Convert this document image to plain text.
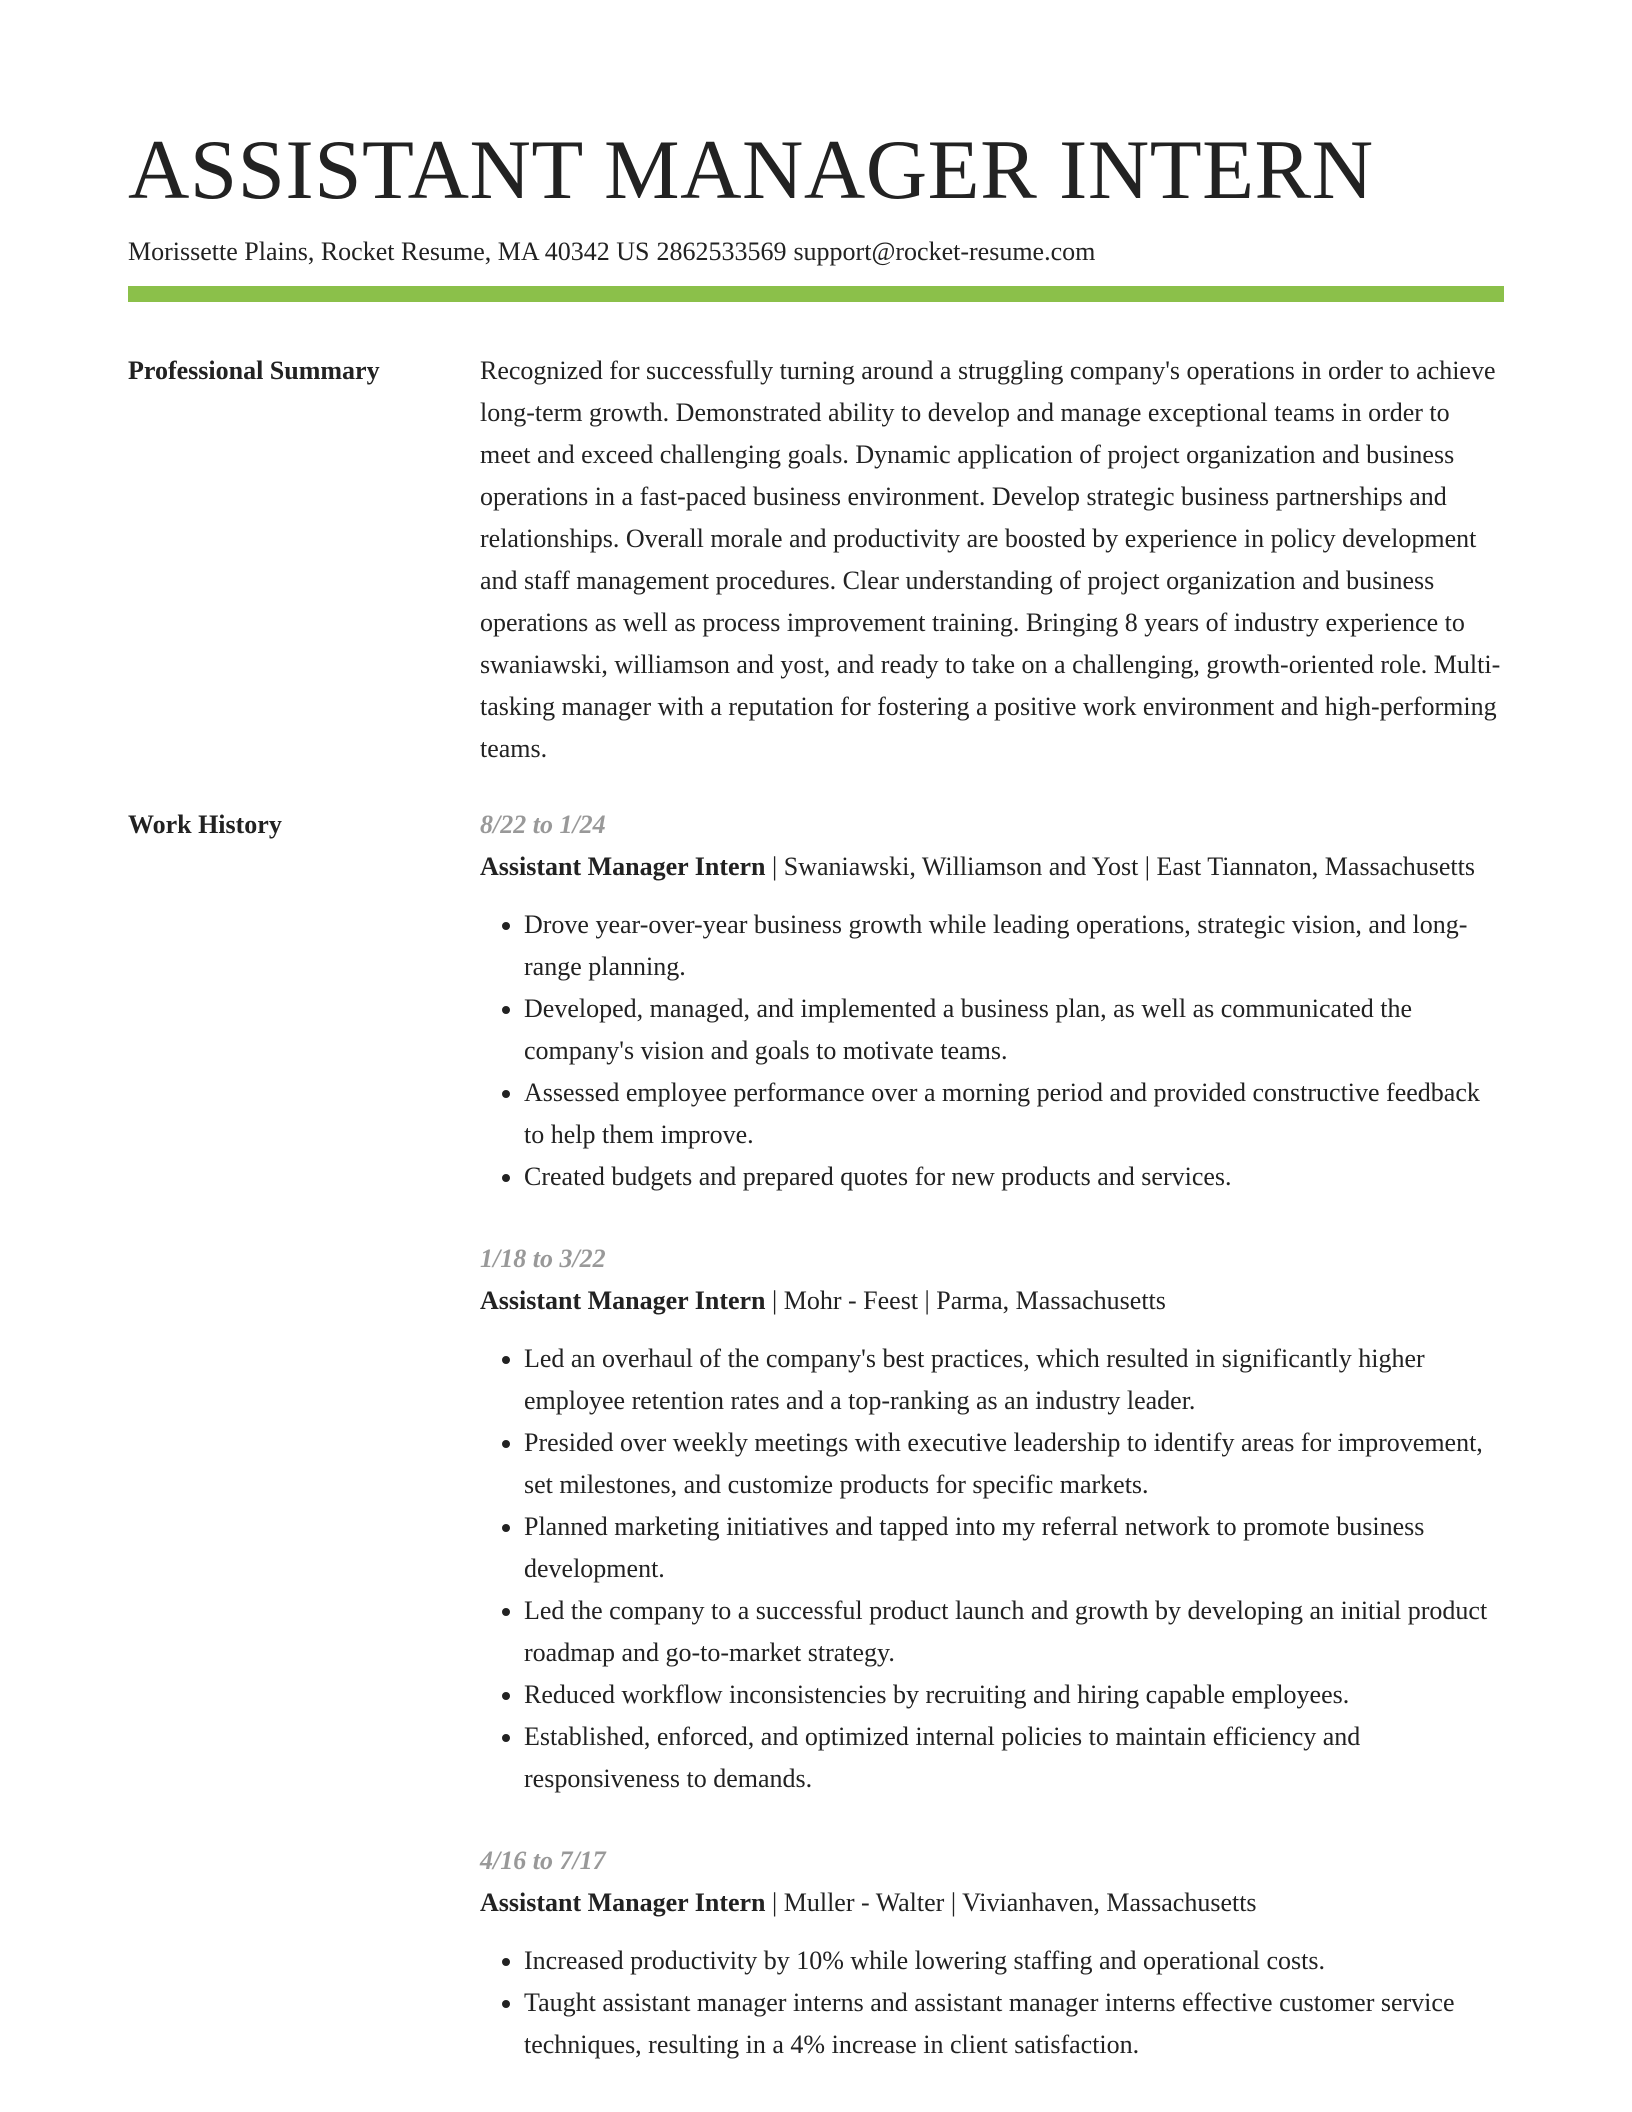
ASSISTANT MANAGER INTERN
Morissette Plains, Rocket Resume, MA 40342 US 2862533569 support@rocket-resume.com
Professional Summary	Recognized for successfully turning around a struggling company's operations in order to achieve long-term growth. Demonstrated ability to develop and manage exceptional teams in order to meet and exceed challenging goals. Dynamic application of project organization and business operations in a fast-paced business environment. Develop strategic business partnerships and relationships. Overall morale and productivity are boosted by experience in policy development and staff management procedures. Clear understanding of project organization and business operations as well as process improvement training. Bringing 8 years of industry experience to swaniawski, williamson and yost, and ready to take on a challenging, growth-oriented role. Multi-tasking manager with a reputation for fostering a positive work environment and high-performing teams.

Work History	8/22 to 1/24
Assistant Manager Intern | Swaniawski, Williamson and Yost | East Tiannaton, Massachusetts
• Drove year-over-year business growth while leading operations, strategic vision, and long-range planning.
• Developed, managed, and implemented a business plan, as well as communicated the company's vision and goals to motivate teams.
• Assessed employee performance over a morning period and provided constructive feedback to help them improve.
• Created budgets and prepared quotes for new products and services.
1/18 to 3/22
Assistant Manager Intern | Mohr - Feest | Parma, Massachusetts
• Led an overhaul of the company's best practices, which resulted in significantly higher employee retention rates and a top-ranking as an industry leader.
• Presided over weekly meetings with executive leadership to identify areas for improvement, set milestones, and customize products for specific markets.
• Planned marketing initiatives and tapped into my referral network to promote business development.
• Led the company to a successful product launch and growth by developing an initial product roadmap and go-to-market strategy.
• Reduced workflow inconsistencies by recruiting and hiring capable employees.
• Established, enforced, and optimized internal policies to maintain efficiency and responsiveness to demands.
4/16 to 7/17
Assistant Manager Intern | Muller - Walter | Vivianhaven, Massachusetts
• Increased productivity by 10% while lowering staffing and operational costs.
• Taught assistant manager interns and assistant manager interns effective customer service techniques, resulting in a 4% increase in client satisfaction.
